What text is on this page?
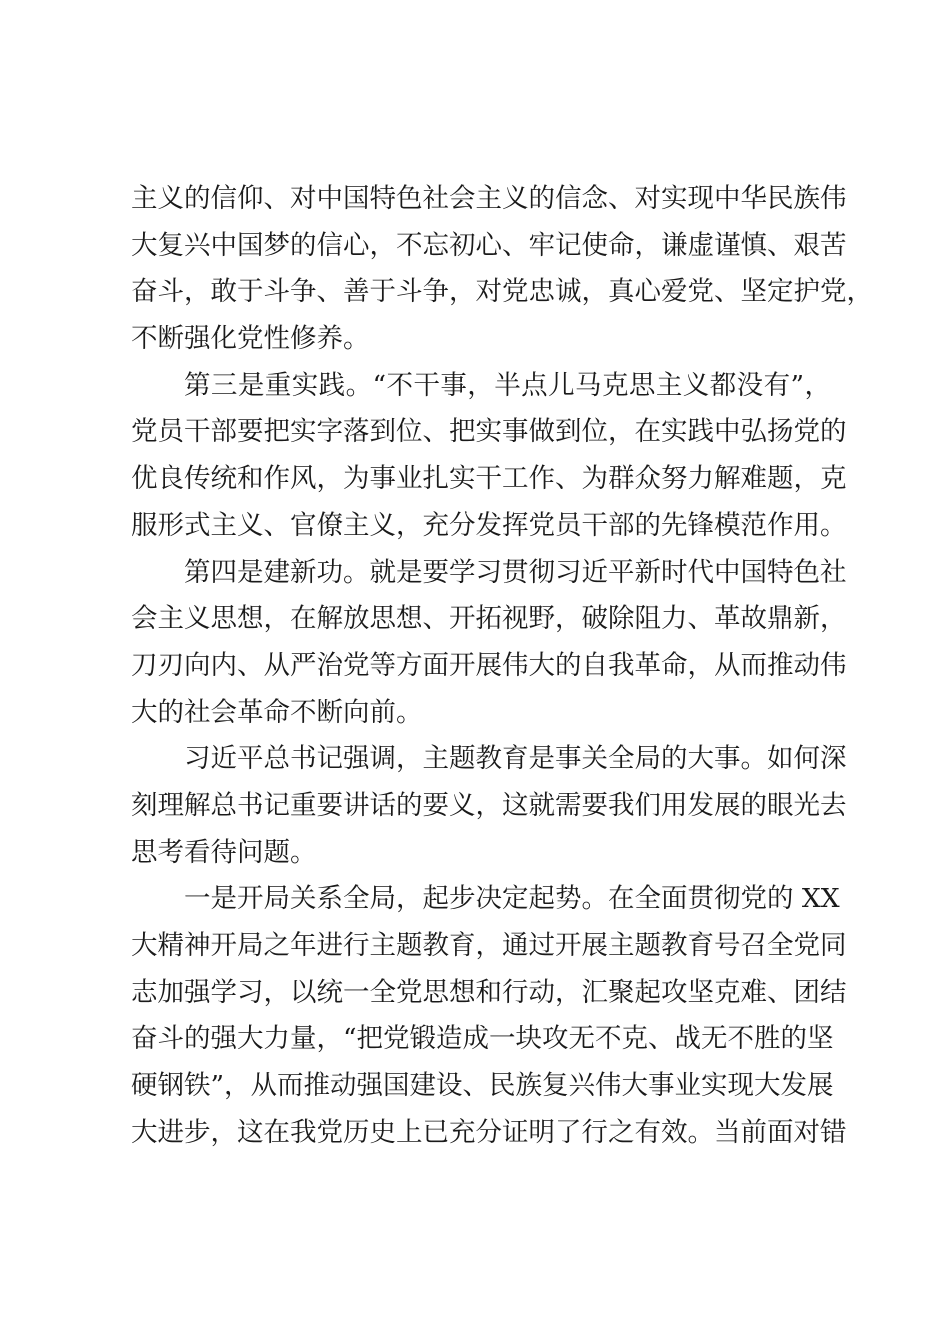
主义的信仰、对中国特色社会主义的信念、对实现中华民族伟
大复兴中国梦的信心，不忘初心、牢记使命，谦虚谨慎、艰苦
奋斗，敢于斗争、善于斗争，对党忠诚，真心爱党、坚定护党，
不断强化党性修养。
第三是重实践。“不干事，半点儿马克思主义都没有”，
党员干部要把实字落到位、把实事做到位，在实践中弘扬党的
优良传统和作风，为事业扎实干工作、为群众努力解难题，克
服形式主义、官僚主义，充分发挥党员干部的先锋模范作用。
第四是建新功。就是要学习贯彻习近平新时代中国特色社
会主义思想，在解放思想、开拓视野，破除阻力、革故鼎新，
刀刃向内、从严治党等方面开展伟大的自我革命，从而推动伟
大的社会革命不断向前。
习近平总书记强调，主题教育是事关全局的大事。如何深
刻理解总书记重要讲话的要义，这就需要我们用发展的眼光去
思考看待问题。
一是开局关系全局，起步决定起势。在全面贯彻党的 XX
大精神开局之年进行主题教育，通过开展主题教育号召全党同
志加强学习，以统一全党思想和行动，汇聚起攻坚克难、团结
奋斗的强大力量，“把党锻造成一块攻无不克、战无不胜的坚
硬钢铁”，从而推动强国建设、民族复兴伟大事业实现大发展
大进步，这在我党历史上已充分证明了行之有效。当前面对错
